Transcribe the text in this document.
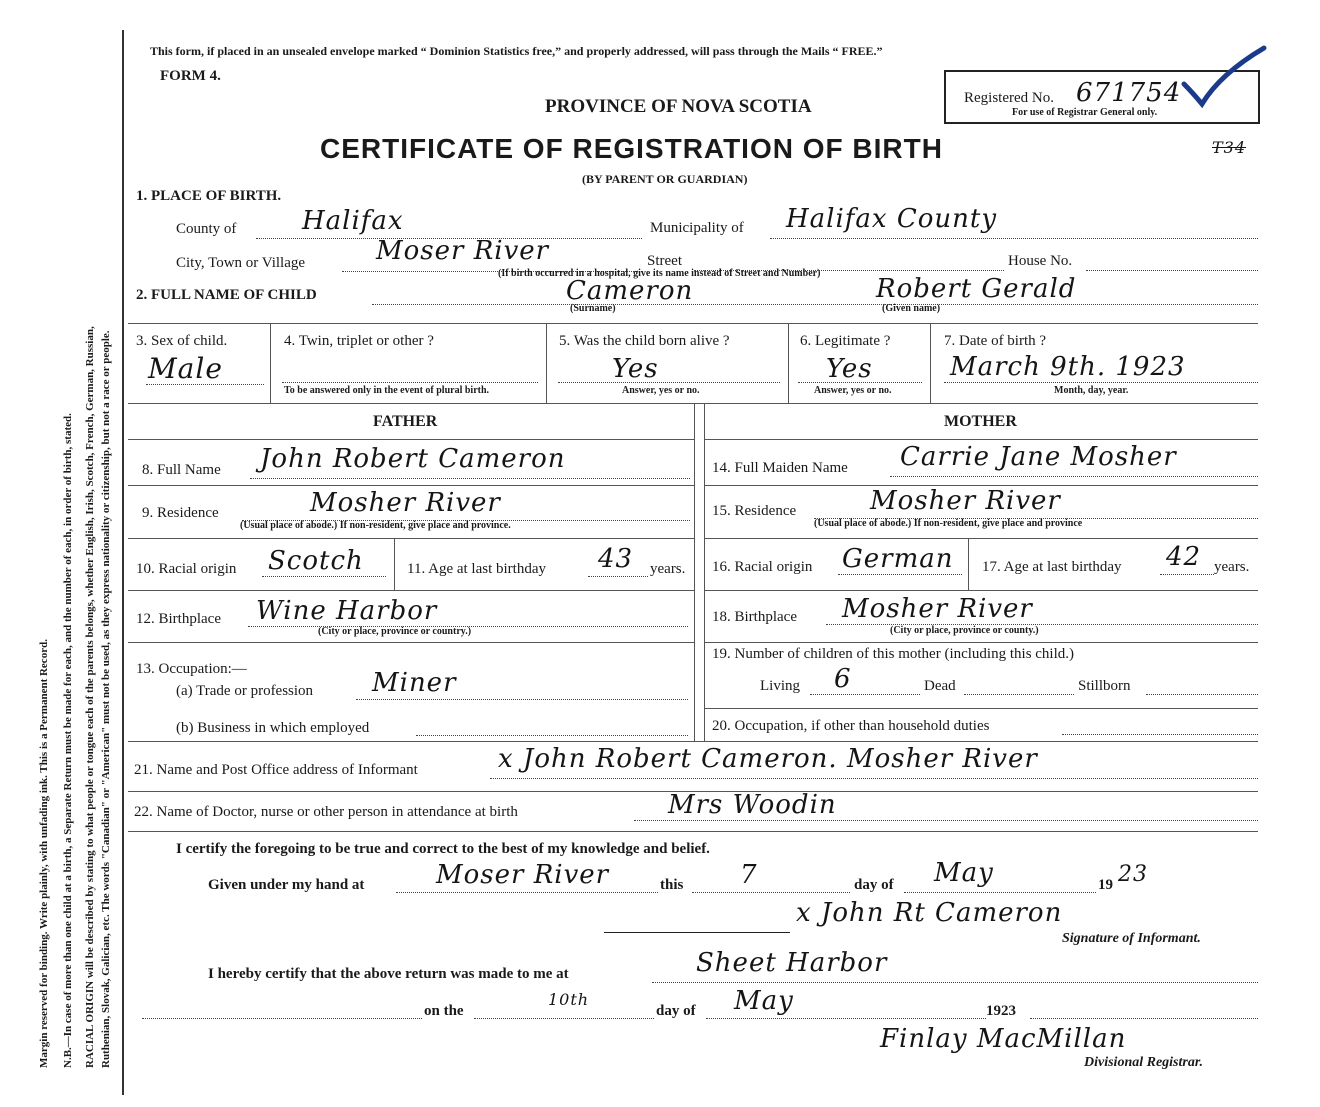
Margin reserved for binding. Write plainly, with unfading ink. This is a Permanent Record. N.B.—In case of more than one child at a birth, a Separate Return must be made for each, and the number of each, in order of birth, stated. RACIAL ORIGIN will be described by stating to what people or tongue each of the parents belongs, whether English, Irish, Scotch, French, German, Russian, Ruthenian, Slovak, Galician, etc. The words "Canadian" or "American" must not be used, as they express nationality or citizenship, but not a race or people.
This form, if placed in an unsealed envelope marked “ Dominion Statistics free,” and properly addressed, will pass through the Mails “ FREE.”
FORM 4.
PROVINCE OF NOVA SCOTIA
CERTIFICATE OF REGISTRATION OF BIRTH
(BY PARENT OR GUARDIAN)
Registered No. 671754
For use of Registrar General only.
T34
1. PLACE OF BIRTH.
County of	Halifax	Municipality of Halifax County
City, Town or Village	Moser River	Street	House No.
(If birth occurred in a hospital, give its name instead of Street and Number)
2. FULL NAME OF CHILD	Cameron
(Surname)
Robert Gerald
(Given name)
3. Sex of child.
Male
4. Twin, triplet or other ?
To be answered only in the event of plural birth.
5. Was the child born alive ?
Yes
Answer, yes or no.
6. Legitimate ?
Yes
Answer, yes or no.
7. Date of birth ?
March 9th. 1923
Month, day, year.
FATHER	MOTHER
8. Full Name John Robert Cameron
9. Residence	Mosher River
(Usual place of abode.) If non-resident, give place and province.
10. Racial origin Scotch	11. Age at last birthday 43 years.
12. Birthplace Wine Harbor
(City or place, province or country.)
13. Occupation:—
(a) Trade or profession Miner
(b) Business in which employed
14. Full Maiden Name Carrie Jane Mosher
15. Residence	Mosher River
(Usual place of abode.) If non-resident, give place and province
16. Racial origin German 17. Age at last birthday 42 years.
18. Birthplace Mosher River
(City or place, province or county.)
19. Number of children of this mother (including this child.)
Living 6	Dead	Stillborn
20. Occupation, if other than household duties
21. Name and Post Office address of Informant	x John Robert Cameron. Mosher River
22. Name of Doctor, nurse or other person in attendance at birth	Mrs Woodin
I certify the foregoing to be true and correct to the best of my knowledge and belief.
Given under my hand at	Moser River	this 7	day of May	19 23
x John Rt Cameron
Signature of Informant.
I hereby certify that the above return was made to me at	Sheet Harbor
on the
10th
day of May	1923
Finlay MacMillan
Divisional Registrar.
